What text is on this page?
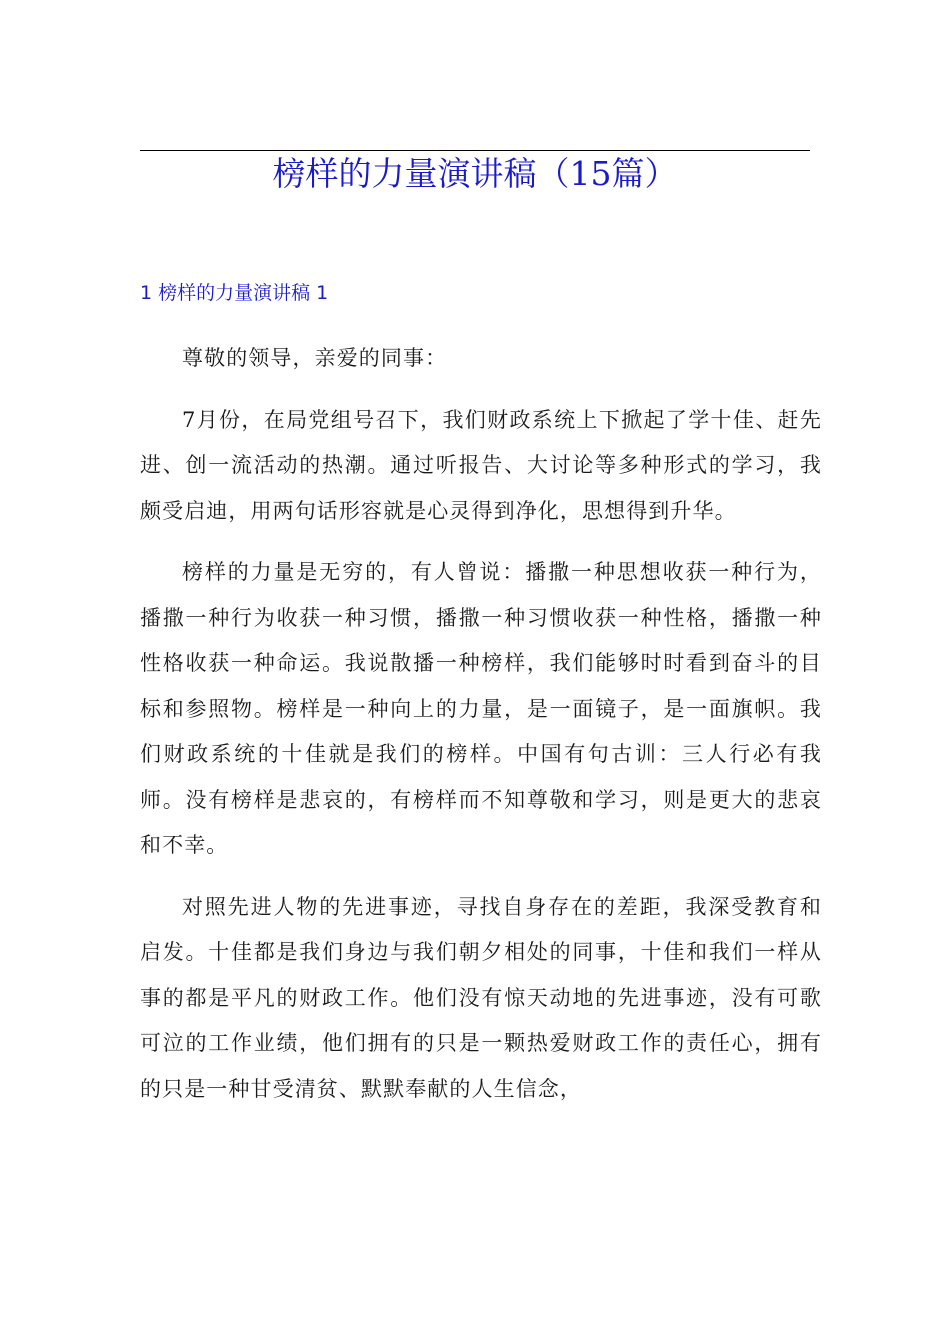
榜样的力量演讲稿（15篇）
1 榜样的力量演讲稿 1

尊敬的领导，亲爱的同事：

7月份，在局党组号召下，我们财政系统上下掀起了学十佳、赶先进、创一流活动的热潮。通过听报告、大讨论等多种形式的学习，我颇受启迪，用两句话形容就是心灵得到净化，思想得到升华。

榜样的力量是无穷的，有人曾说：播撒一种思想收获一种行为，播撒一种行为收获一种习惯，播撒一种习惯收获一种性格，播撒一种性格收获一种命运。我说散播一种榜样，我们能够时时看到奋斗的目标和参照物。榜样是一种向上的力量，是一面镜子，是一面旗帜。我们财政系统的十佳就是我们的榜样。中国有句古训：三人行必有我师。没有榜样是悲哀的，有榜样而不知尊敬和学习，则是更大的悲哀和不幸。

对照先进人物的先进事迹，寻找自身存在的差距，我深受教育和启发。十佳都是我们身边与我们朝夕相处的同事，十佳和我们一样从事的都是平凡的财政工作。他们没有惊天动地的先进事迹，没有可歌可泣的工作业绩，他们拥有的只是一颗热爱财政工作的责任心，拥有的只是一种甘受清贫、默默奉献的人生信念，
